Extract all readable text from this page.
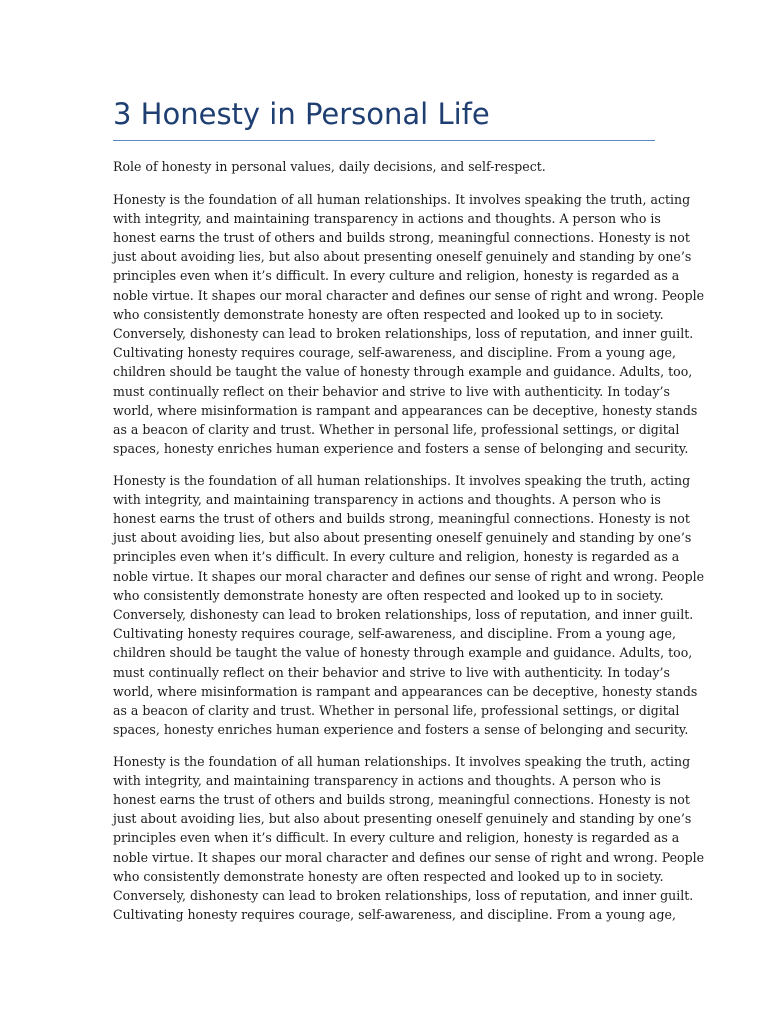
3 Honesty in Personal Life

Role of honesty in personal values, daily decisions, and self-respect.

Honesty is the foundation of all human relationships. It involves speaking the truth, acting
with integrity, and maintaining transparency in actions and thoughts. A person who is
honest earns the trust of others and builds strong, meaningful connections. Honesty is not
just about avoiding lies, but also about presenting oneself genuinely and standing by one’s
principles even when it’s difficult. In every culture and religion, honesty is regarded as a
noble virtue. It shapes our moral character and defines our sense of right and wrong. People
who consistently demonstrate honesty are often respected and looked up to in society.
Conversely, dishonesty can lead to broken relationships, loss of reputation, and inner guilt.
Cultivating honesty requires courage, self-awareness, and discipline. From a young age,
children should be taught the value of honesty through example and guidance. Adults, too,
must continually reflect on their behavior and strive to live with authenticity. In today’s
world, where misinformation is rampant and appearances can be deceptive, honesty stands
as a beacon of clarity and trust. Whether in personal life, professional settings, or digital
spaces, honesty enriches human experience and fosters a sense of belonging and security.

Honesty is the foundation of all human relationships. It involves speaking the truth, acting
with integrity, and maintaining transparency in actions and thoughts. A person who is
honest earns the trust of others and builds strong, meaningful connections. Honesty is not
just about avoiding lies, but also about presenting oneself genuinely and standing by one’s
principles even when it’s difficult. In every culture and religion, honesty is regarded as a
noble virtue. It shapes our moral character and defines our sense of right and wrong. People
who consistently demonstrate honesty are often respected and looked up to in society.
Conversely, dishonesty can lead to broken relationships, loss of reputation, and inner guilt.
Cultivating honesty requires courage, self-awareness, and discipline. From a young age,
children should be taught the value of honesty through example and guidance. Adults, too,
must continually reflect on their behavior and strive to live with authenticity. In today’s
world, where misinformation is rampant and appearances can be deceptive, honesty stands
as a beacon of clarity and trust. Whether in personal life, professional settings, or digital
spaces, honesty enriches human experience and fosters a sense of belonging and security.

Honesty is the foundation of all human relationships. It involves speaking the truth, acting
with integrity, and maintaining transparency in actions and thoughts. A person who is
honest earns the trust of others and builds strong, meaningful connections. Honesty is not
just about avoiding lies, but also about presenting oneself genuinely and standing by one’s
principles even when it’s difficult. In every culture and religion, honesty is regarded as a
noble virtue. It shapes our moral character and defines our sense of right and wrong. People
who consistently demonstrate honesty are often respected and looked up to in society.
Conversely, dishonesty can lead to broken relationships, loss of reputation, and inner guilt.
Cultivating honesty requires courage, self-awareness, and discipline. From a young age,
